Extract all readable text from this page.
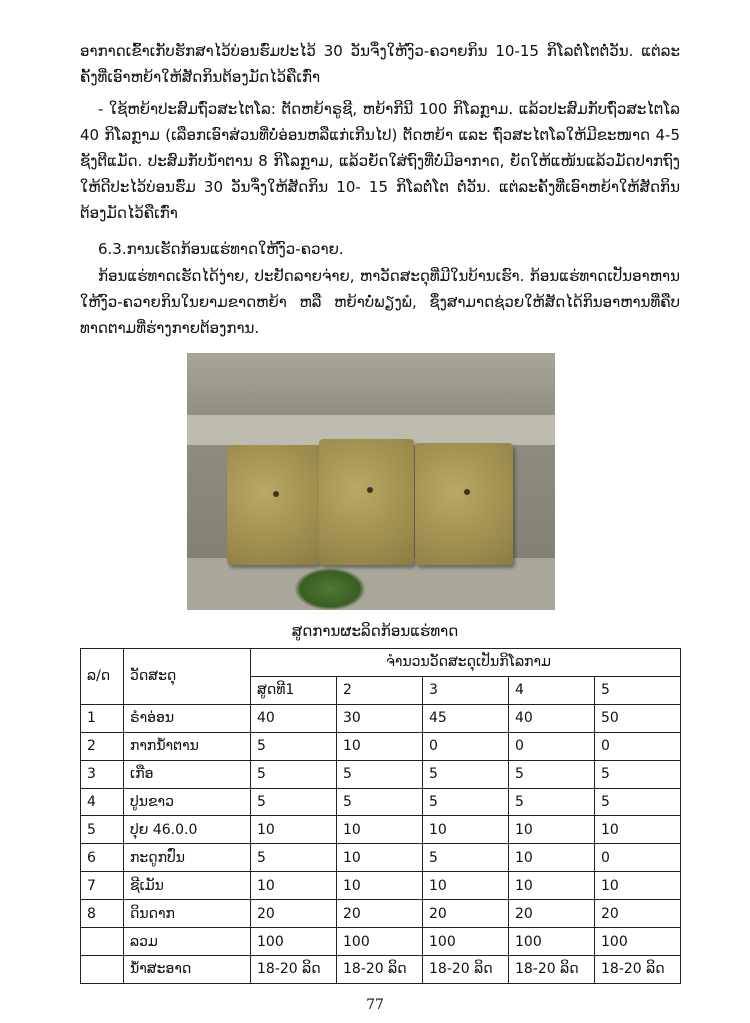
ອາກາດເຂົ້າເກັບຮັກສາໄວ້ບ່ອນຮົ່ມປະໄວ້ 30 ວັນຈຶ່ງໃຫ້ງົວ-ຄວາຍກິນ 10-15 ກິໂລຕໍ່ໂຕຕໍ່ວັນ. ແຕ່ລະຄັ້ງທີ່ເອົາຫຍ້າໃຫ້ສັດກິນຕ້ອງມັດໄວ້ຄືເກົ່າ
- ໃຊ້ຫຍ້າປະສົມຖົ່ວສະໄຕໂລ: ຕັດຫຍ້າຣູຊີ, ຫຍ້າກີນີ 100 ກິໂລກຼາມ. ແລ້ວປະສົມກັບຖົ່ວສະໄຕໂລ 40 ກິໂລກຼາມ (ເລືອກເອົາສ່ວນທີ່ບໍ່ອ່ອນຫລືແກ່ເກີນໄປ) ຕັດຫຍ້າ ແລະ ຖົ່ວສະໄຕໂລໃຫ້ມີຂະໜາດ 4-5 ຊັງຕີແມັດ. ປະສົມກັບນ້ຳຕານ 8 ກິໂລກຼາມ, ແລ້ວຍັດໃສ່ຖົງທີ່ບໍ່ມີອາກາດ, ຍັດໃຫ້ແໜ້ນແລ້ວມັດປາກຖົງໃຫ້ດີປະໄວ້ບ່ອນຮົ່ມ 30 ວັນຈຶ່ງໃຫ້ສັດກິນ 10- 15 ກິໂລຕໍ່ໂຕ ຕໍ່ວັນ. ແຕ່ລະຄັ້ງທີ່ເອົາຫຍ້າໃຫ້ສັດກິນຕ້ອງມັດໄວ້ຄືເກົ່າ
6.3.ການເຮັດກ້ອນແຮ່ທາດໃຫ້ງົວ-ຄວາຍ.
ກ້ອນແຮ່ທາດເຮັດໄດ້ງ່າຍ, ປະຢັດລາຍຈ່າຍ, ຫາວັດສະດຸທີ່ມີໃນບ້ານເຮົາ. ກ້ອນແຮ່ທາດເປັນອາຫານໃຫ້ງົວ-ຄວາຍກິນໃນຍາມຂາດຫຍ້າ ຫລື ຫຍ້າບໍ່ພຽງພໍ, ຊຶ່ງສາມາດຊ່ວຍໃຫ້ສັດໄດ້ກິນອາຫານທີ່ຄືບທາດຕາມທີ່ຮ່າງກາຍຕ້ອງການ.
ສູດການຜະລິດກ້ອນແຮ່ທາດ
ລ/ດ	ວັດສະດຸ	ຈຳນວນວັດສະດຸເປັນກິໂລກາມ				
		ສູດທີ1	2	3	4	5
1	ຣຳອ່ອນ	40	30	45	40	50
2	ກາກນ້ຳຕານ	5	10	0	0	0
3	ເກືອ	5	5	5	5	5
4	ປູນຂາວ	5	5	5	5	5
5	ປຸຍ 46.0.0	10	10	10	10	10
6	ກະດູກປົ່ນ	5	10	5	10	0
7	ຊີເມັນ	10	10	10	10	10
8	ດິນດາກ	20	20	20	20	20
	ລວມ	100	100	100	100	100
	ນ້ຳສະອາດ	18-20 ລິດ	18-20 ລິດ	18-20 ລິດ	18-20 ລິດ	18-20 ລິດ
77
